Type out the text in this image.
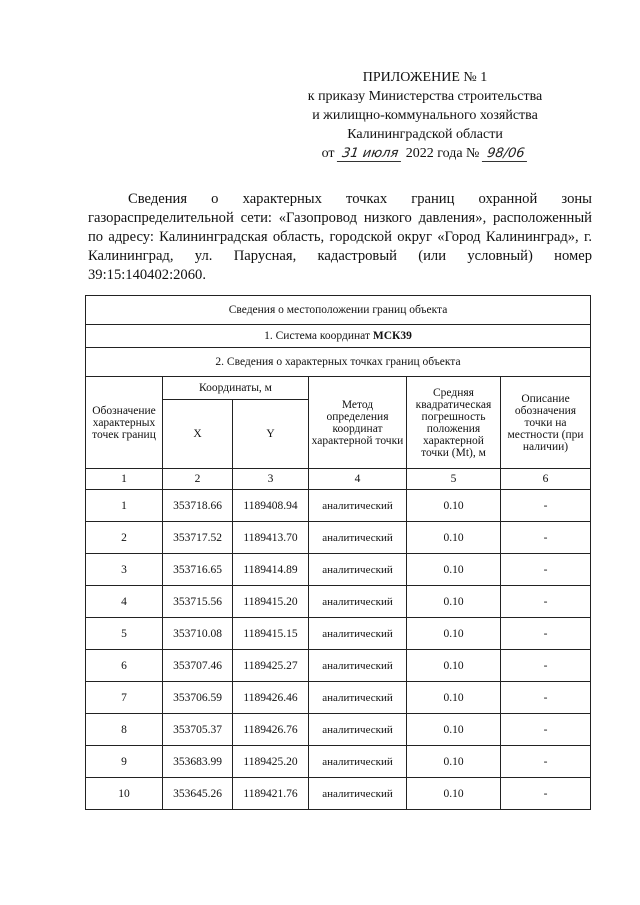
ПРИЛОЖЕНИЕ № 1
к приказу Министерства строительства
и жилищно-коммунального хозяйства
Калининградской области
от 31 июля 2022 года № 98/06

Сведения о характерных точках границ охранной зоны газораспределительной сети: «Газопровод низкого давления», расположенный по адресу: Калининградская область, городской округ «Город Калининград», г. Калининград, ул. Парусная, кадастровый (или условный) номер 39:15:140402:2060.

Сведения о местоположении границ объекта					
1. Система координат МСК39					
2. Сведения о характерных точках границ объекта					
Обозначение характерных точек границ	Координаты, м		Метод определения координат характерной точки	Средняя квадратическая погрешность положения характерной точки (Mt), м	Описание обозначения точки на местности (при наличии)
	X	Y			
1	2	3	4	5	6
1	353718.66	1189408.94	аналитический	0.10	-
2	353717.52	1189413.70	аналитический	0.10	-
3	353716.65	1189414.89	аналитический	0.10	-
4	353715.56	1189415.20	аналитический	0.10	-
5	353710.08	1189415.15	аналитический	0.10	-
6	353707.46	1189425.27	аналитический	0.10	-
7	353706.59	1189426.46	аналитический	0.10	-
8	353705.37	1189426.76	аналитический	0.10	-
9	353683.99	1189425.20	аналитический	0.10	-
10	353645.26	1189421.76	аналитический	0.10	-
